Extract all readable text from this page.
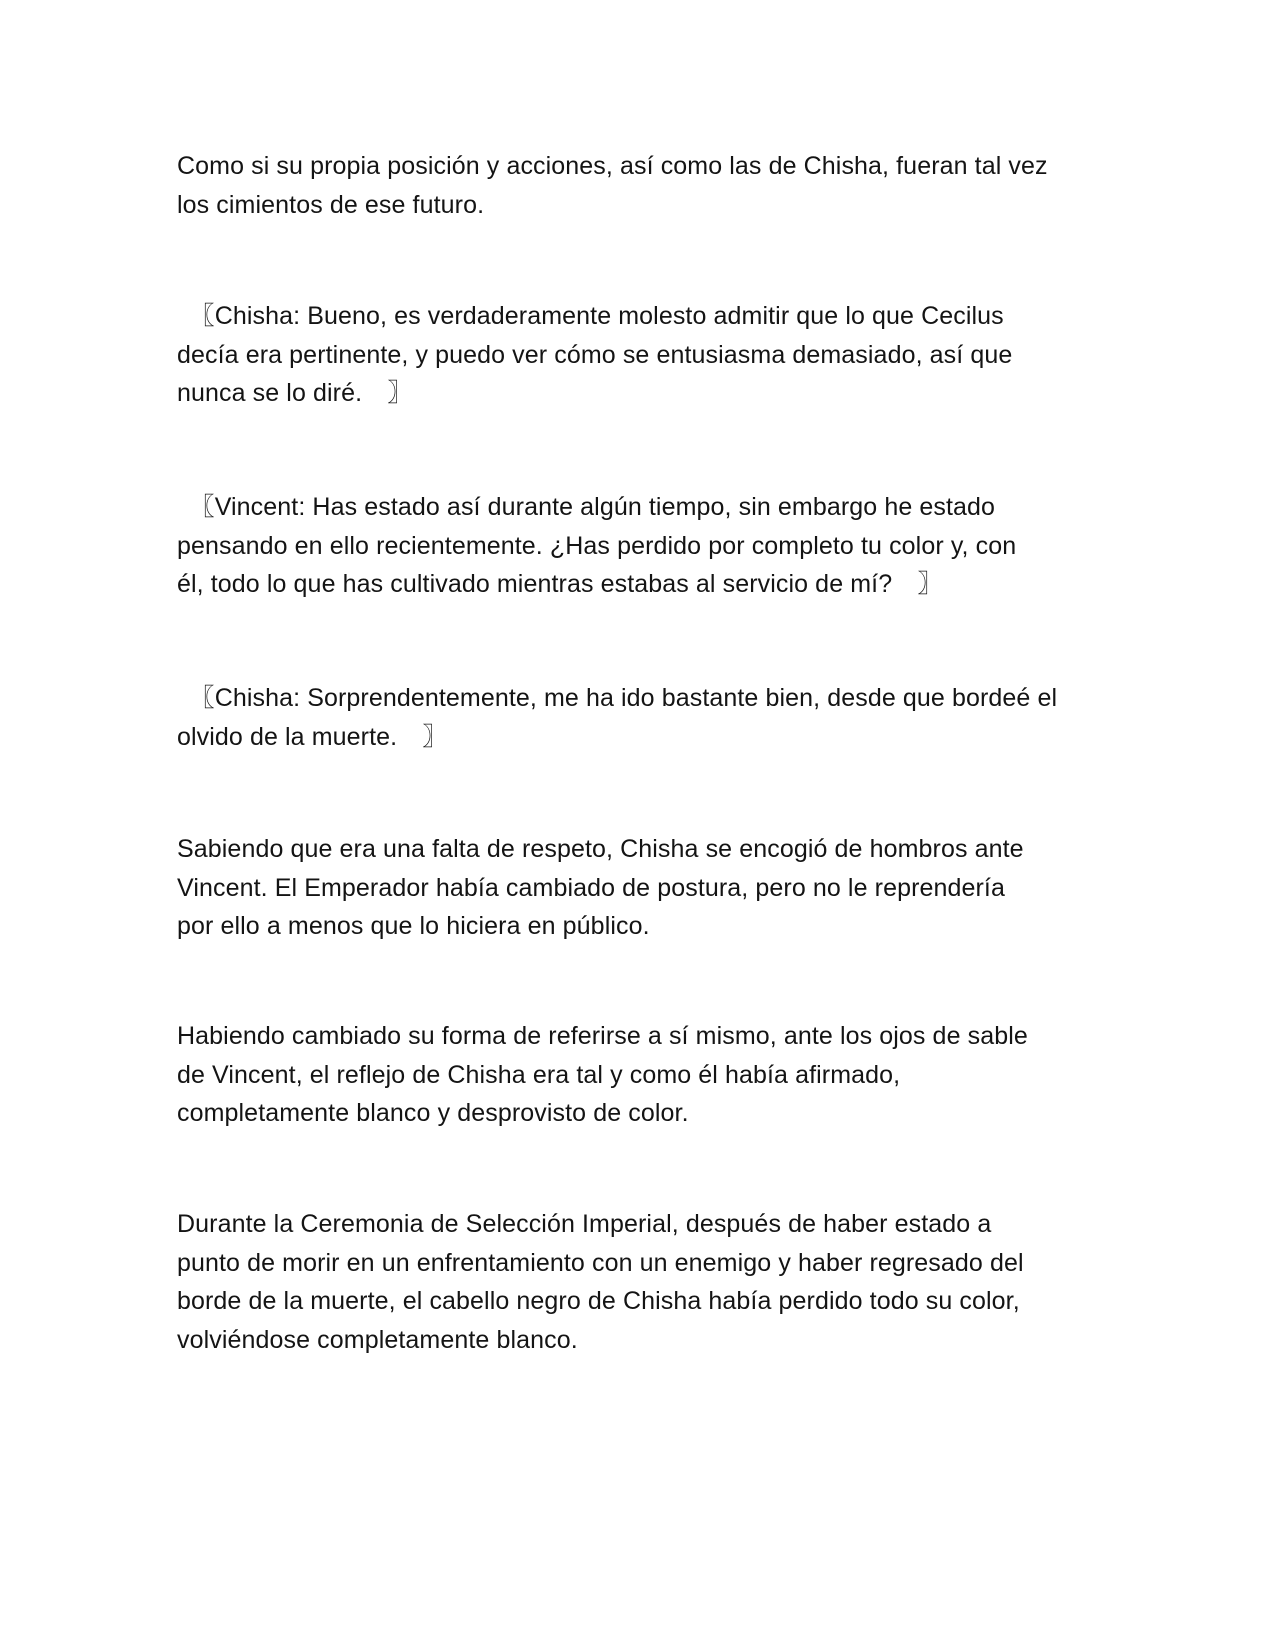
Como si su propia posición y acciones, así como las de Chisha, fueran tal vez
los cimientos de ese futuro.

　〖Chisha: Bueno, es verdaderamente molesto admitir que lo que Cecilus
decía era pertinente, y puedo ver cómo se entusiasma demasiado, así que
nunca se lo diré.　〗

　〖Vincent: Has estado así durante algún tiempo, sin embargo he estado
pensando en ello recientemente. ¿Has perdido por completo tu color y, con
él, todo lo que has cultivado mientras estabas al servicio de mí?　〗

　〖Chisha: Sorprendentemente, me ha ido bastante bien, desde que bordeé el
olvido de la muerte.　〗

Sabiendo que era una falta de respeto, Chisha se encogió de hombros ante
Vincent. El Emperador había cambiado de postura, pero no le reprendería
por ello a menos que lo hiciera en público.

Habiendo cambiado su forma de referirse a sí mismo, ante los ojos de sable
de Vincent, el reflejo de Chisha era tal y como él había afirmado,
completamente blanco y desprovisto de color.

Durante la Ceremonia de Selección Imperial, después de haber estado a
punto de morir en un enfrentamiento con un enemigo y haber regresado del
borde de la muerte, el cabello negro de Chisha había perdido todo su color,
volviéndose completamente blanco.
